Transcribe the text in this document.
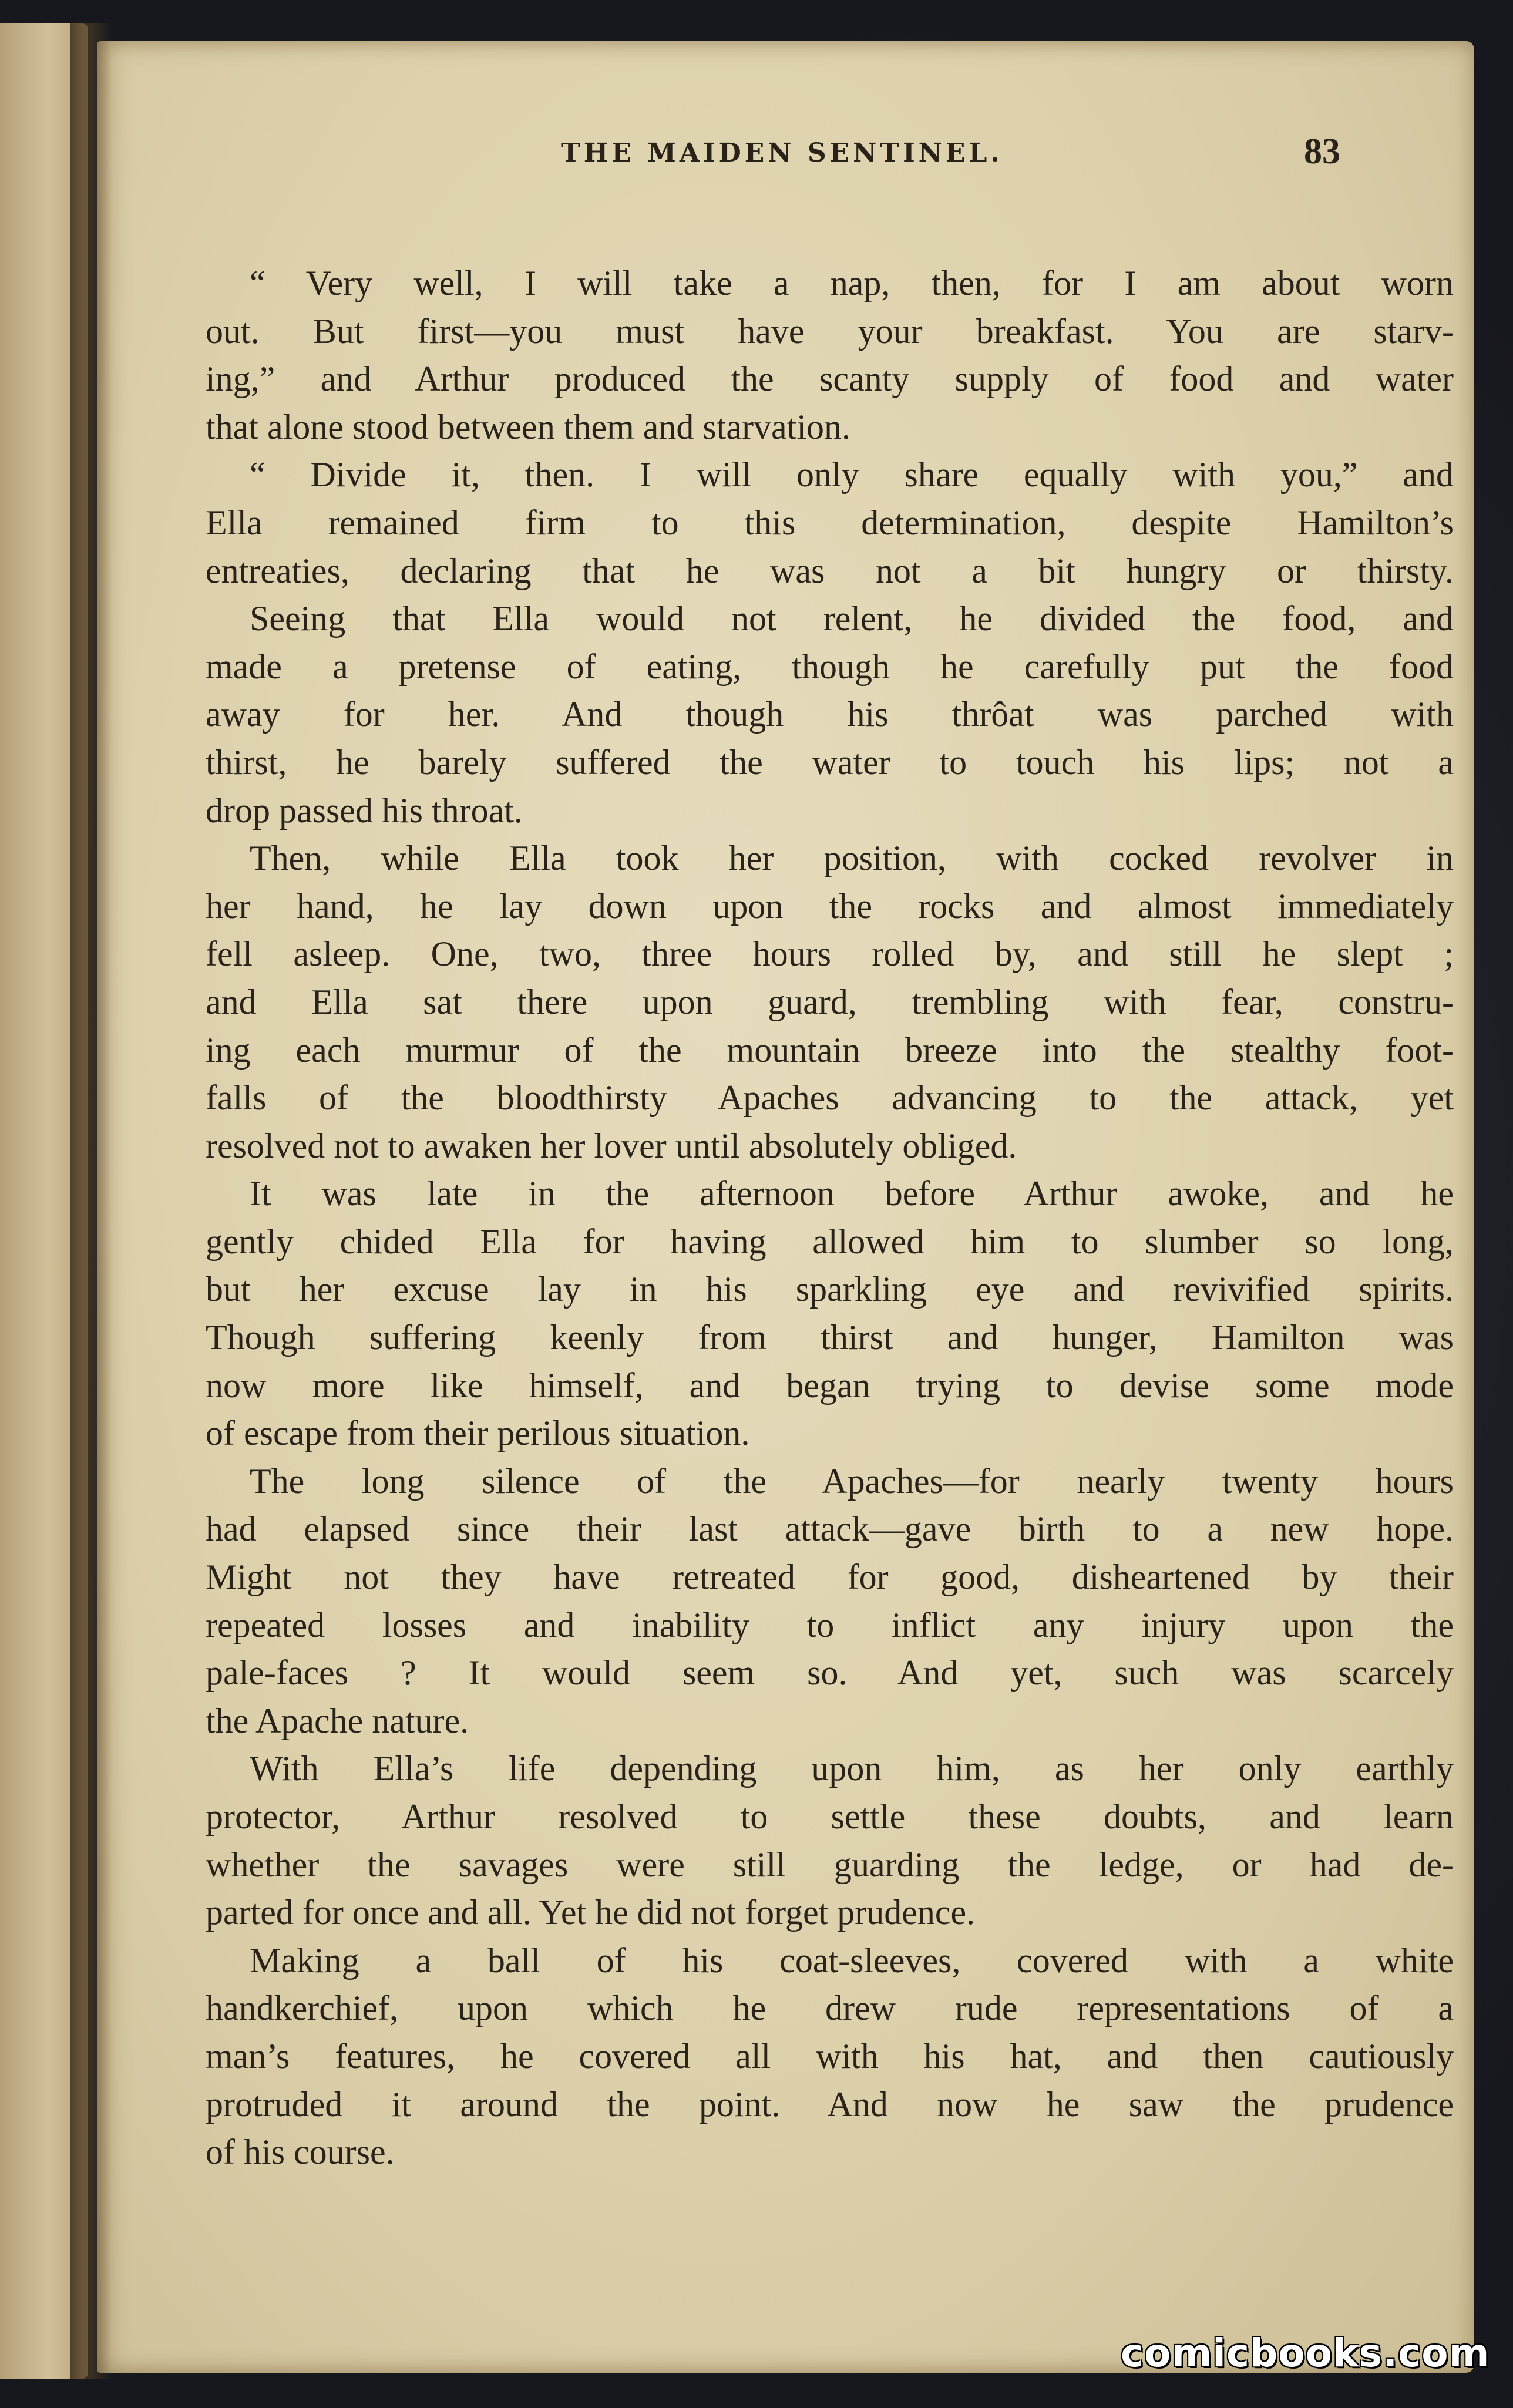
THE MAIDEN SENTINEL.	83
“ Very well, I will take a nap, then, for I am about worn
out. But first—you must have your breakfast. You are starv-
ing,” and Arthur produced the scanty supply of food and water
that alone stood between them and starvation.
“ Divide it, then. I will only share equally with you,” and
Ella remained firm to this determination, despite Hamilton’s
entreaties, declaring that he was not a bit hungry or thirsty.
Seeing that Ella would not relent, he divided the food, and
made a pretense of eating, though he carefully put the food
away for her. And though his thrôat was parched with
thirst, he barely suffered the water to touch his lips; not a
drop passed his throat.
Then, while Ella took her position, with cocked revolver in
her hand, he lay down upon the rocks and almost immediately
fell asleep. One, two, three hours rolled by, and still he slept ;
and Ella sat there upon guard, trembling with fear, constru-
ing each murmur of the mountain breeze into the stealthy foot-
falls of the bloodthirsty Apaches advancing to the attack, yet
resolved not to awaken her lover until absolutely obliged.
It was late in the afternoon before Arthur awoke, and he
gently chided Ella for having allowed him to slumber so long,
but her excuse lay in his sparkling eye and revivified spirits.
Though suffering keenly from thirst and hunger, Hamilton was
now more like himself, and began trying to devise some mode
of escape from their perilous situation.
The long silence of the Apaches—for nearly twenty hours
had elapsed since their last attack—gave birth to a new hope.
Might not they have retreated for good, disheartened by their
repeated losses and inability to inflict any injury upon the
pale-faces ? It would seem so. And yet, such was scarcely
the Apache nature.
With Ella’s life depending upon him, as her only earthly
protector, Arthur resolved to settle these doubts, and learn
whether the savages were still guarding the ledge, or had de-
parted for once and all. Yet he did not forget prudence.
Making a ball of his coat-sleeves, covered with a white
handkerchief, upon which he drew rude representations of a
man’s features, he covered all with his hat, and then cautiously
protruded it around the point. And now he saw the prudence
of his course.
comicbooks.com
